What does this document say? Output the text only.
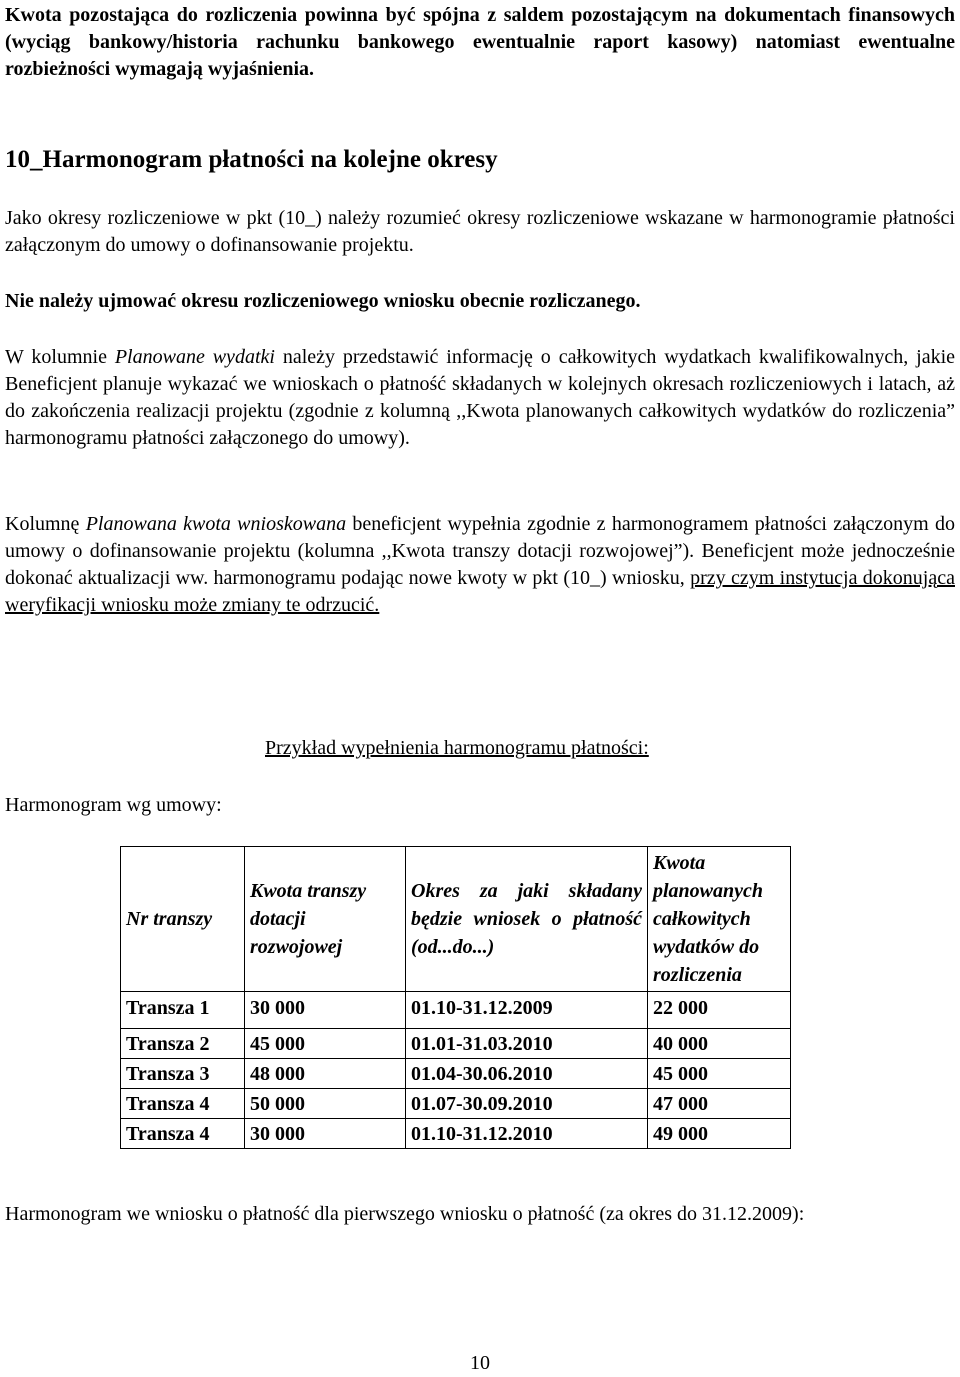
Kwota pozostająca do rozliczenia powinna być spójna z saldem pozostającym na dokumentach finansowych (wyciąg bankowy/historia rachunku bankowego ewentualnie raport kasowy) natomiast ewentualne rozbieżności wymagają wyjaśnienia.

10_Harmonogram płatności na kolejne okresy

Jako okresy rozliczeniowe w pkt (10_) należy rozumieć okresy rozliczeniowe wskazane w harmonogramie płatności załączonym do umowy o dofinansowanie projektu.

Nie należy ujmować okresu rozliczeniowego wniosku obecnie rozliczanego.

W kolumnie Planowane wydatki należy przedstawić informację o całkowitych wydatkach kwalifikowalnych, jakie Beneficjent planuje wykazać we wnioskach o płatność składanych w kolejnych okresach rozliczeniowych i latach, aż do zakończenia realizacji projektu (zgodnie z kolumną ,,Kwota planowanych całkowitych wydatków do rozliczenia” harmonogramu płatności załączonego do umowy).

Kolumnę Planowana kwota wnioskowana beneficjent wypełnia zgodnie z harmonogramem płatności załączonym do umowy o dofinansowanie projektu (kolumna ,,Kwota transzy dotacji rozwojowej”). Beneficjent może jednocześnie dokonać aktualizacji ww. harmonogramu podając nowe kwoty w pkt (10_) wniosku, przy czym instytucja dokonująca weryfikacji wniosku może zmiany te odrzucić.

Przykład wypełnienia harmonogramu płatności:
Harmonogram wg umowy:
Nr transzy	Kwota transzy dotacji rozwojowej	Okres za jaki składany będzie wniosek o płatność (od...do...)	Kwota planowanych całkowitych wydatków do rozliczenia
Transza 1	30 000	01.10-31.12.2009	22 000
Transza 2	45 000	01.01-31.03.2010	40 000
Transza 3	48 000	01.04-30.06.2010	45 000
Transza 4	50 000	01.07-30.09.2010	47 000
Transza 4	30 000	01.10-31.12.2010	49 000

Harmonogram we wniosku o płatność dla pierwszego wniosku o płatność (za okres do 31.12.2009):

10
